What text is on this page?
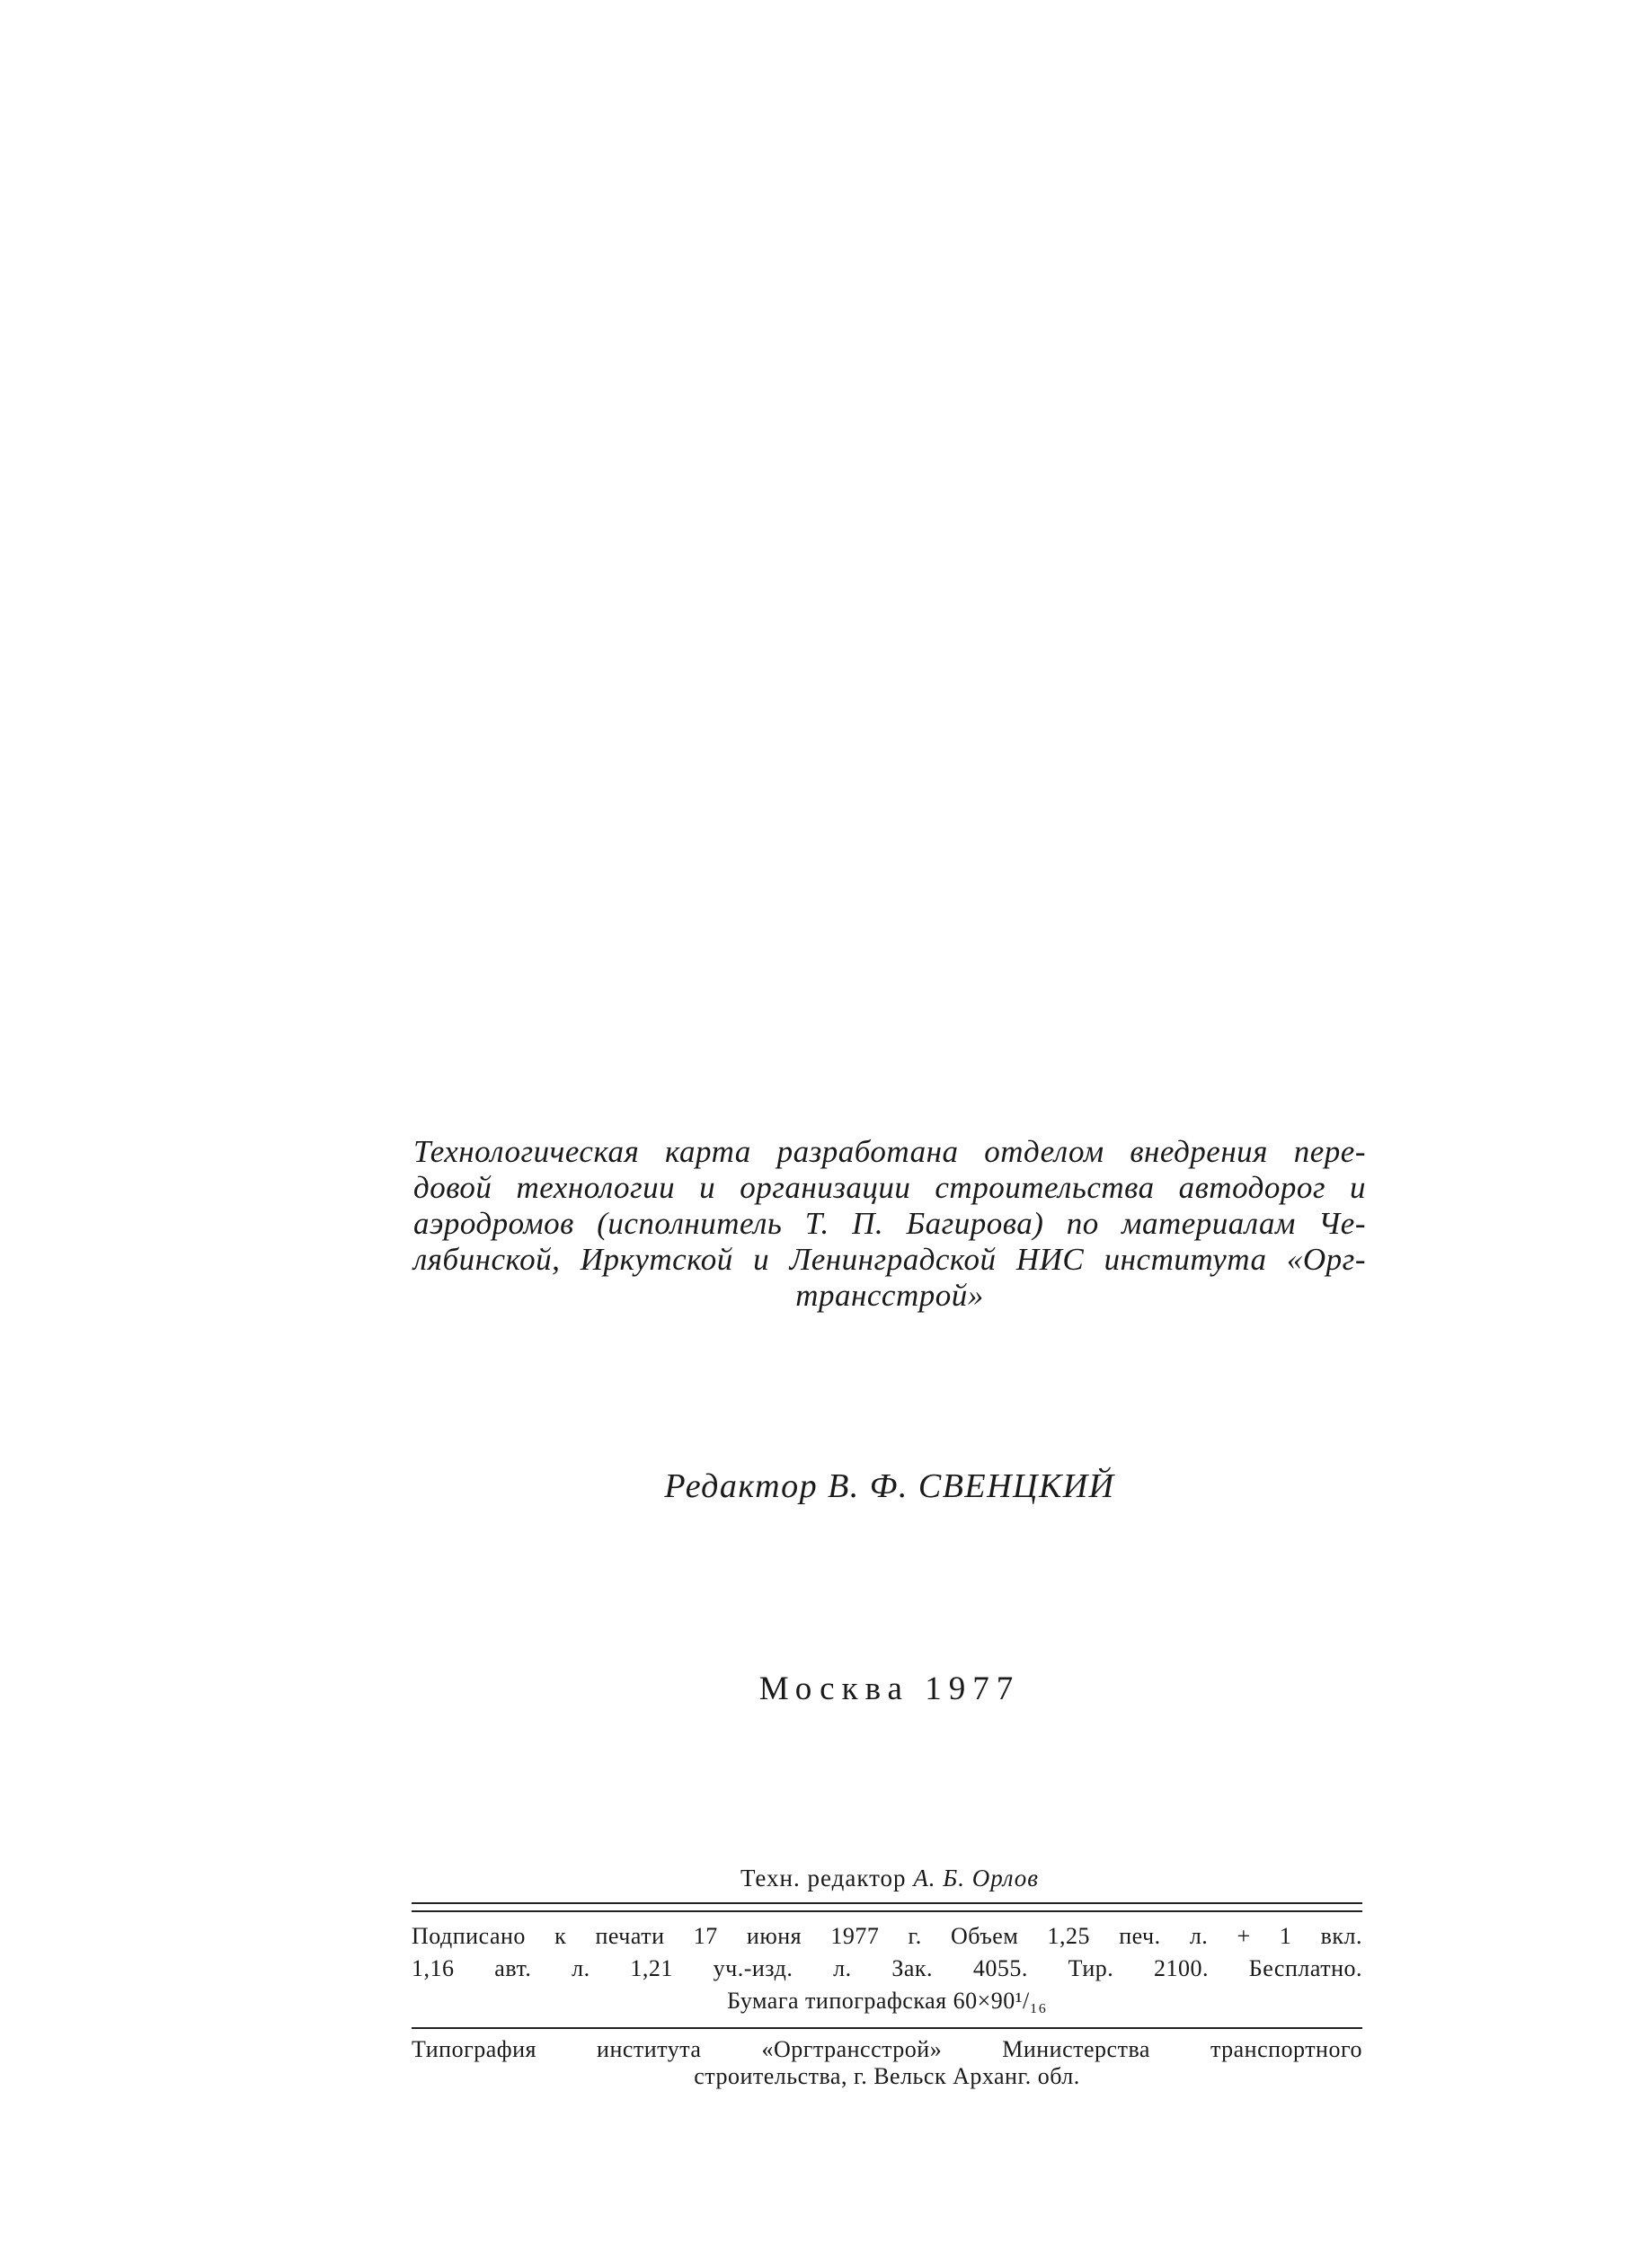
Технологическая карта разработана отделом внедрения пере-
довой технологии и организации строительства автодорог и
аэродромов (исполнитель Т. П. Багирова) по материалам Че-
лябинской, Иркутской и Ленинградской НИС института «Орг-
трансстрой»
Редактор В. Ф. СВЕНЦКИЙ
Москва 1977
Техн. редактор А. Б. Орлов
Подписано к печати 17 июня 1977 г. Объем 1,25 печ. л. + 1 вкл.
1,16 авт. л. 1,21 уч.-изд. л. Зак. 4055. Тир. 2100. Бесплатно.
Бумага типографская 60×90¹/₁₆
Типография института «Оргтрансстрой» Министерства транспортного
строительства, г. Вельск Арханг. обл.
